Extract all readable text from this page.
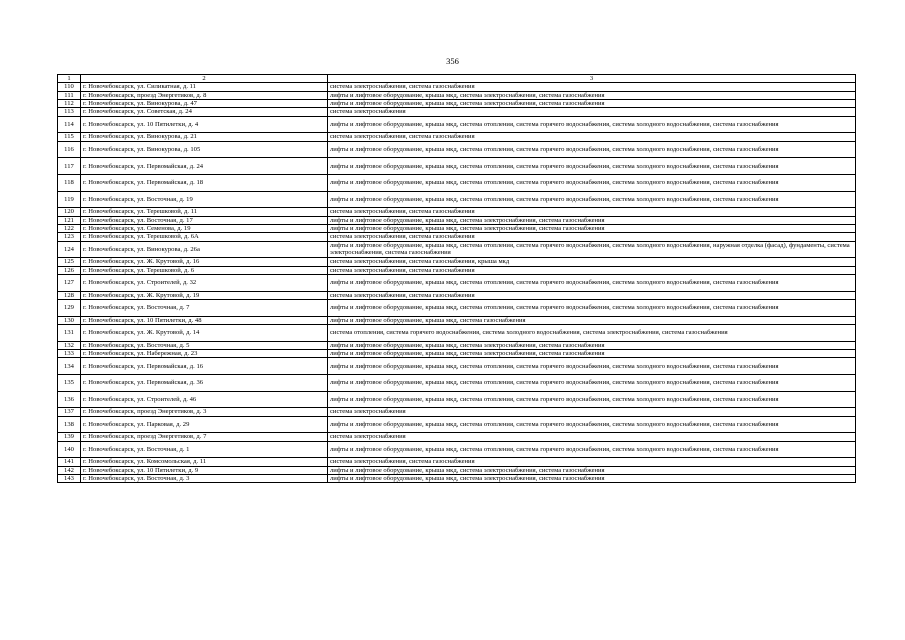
356
1	2	3
110	г. Новочебоксарск, ул. Силикатная, д. 11	система электроснабжения, система газоснабжения
111	г. Новочебоксарск, проезд Энергетиков, д. 8	лифты и лифтовое оборудование, крыша мкд, система электроснабжения, система газоснабжения
112	г. Новочебоксарск, ул. Винокурова, д. 47	лифты и лифтовое оборудование, крыша мкд, система электроснабжения, система газоснабжения
113	г. Новочебоксарск, ул. Советская, д. 24	система электроснабжения
114	г. Новочебоксарск, ул. 10 Пятилетки, д. 4	лифты и лифтовое оборудование, крыша мкд, система отопления, система горячего водоснабжения, система холодного водоснабжения, система газоснабжения
115	г. Новочебоксарск, ул. Винокурова, д. 21	система электроснабжения, система газоснабжения
116	г. Новочебоксарск, ул. Винокурова, д. 105	лифты и лифтовое оборудование, крыша мкд, система отопления, система горячего водоснабжения, система холодного водоснабжения, система газоснабжения
117	г. Новочебоксарск, ул. Первомайская, д. 24	лифты и лифтовое оборудование, крыша мкд, система отопления, система горячего водоснабжения, система холодного водоснабжения, система газоснабжения
118	г. Новочебоксарск, ул. Первомайская, д. 18	лифты и лифтовое оборудование, крыша мкд, система отопления, система горячего водоснабжения, система холодного водоснабжения, система газоснабжения
119	г. Новочебоксарск, ул. Восточная, д. 19	лифты и лифтовое оборудование, крыша мкд, система отопления, система горячего водоснабжения, система холодного водоснабжения, система газоснабжения
120	г. Новочебоксарск, ул. Терешковой, д. 11	система электроснабжения, система газоснабжения
121	г. Новочебоксарск, ул. Восточная, д. 17	лифты и лифтовое оборудование, крыша мкд, система электроснабжения, система газоснабжения
122	г. Новочебоксарск, ул. Семенова, д. 19	лифты и лифтовое оборудование, крыша мкд, система электроснабжения, система газоснабжения
123	г. Новочебоксарск, ул. Терешковой, д. 6А	система электроснабжения, система газоснабжения
124	г. Новочебоксарск, ул. Винокурова, д. 26а	лифты и лифтовое оборудование, крыша мкд, система отопления, система горячего водоснабжения, система холодного водоснабжения, наружная отделка (фасад), фундаменты, система электроснабжения, система газоснабжения
125	г. Новочебоксарск, ул. Ж. Крутовой, д. 16	система электроснабжения, система газоснабжения, крыша мкд
126	г. Новочебоксарск, ул. Терешковой, д. 6	система электроснабжения, система газоснабжения
127	г. Новочебоксарск, ул. Строителей, д. 32	лифты и лифтовое оборудование, крыша мкд, система отопления, система горячего водоснабжения, система холодного водоснабжения, система газоснабжения
128	г. Новочебоксарск, ул. Ж. Крутовой, д. 19	система электроснабжения, система газоснабжения
129	г. Новочебоксарск, ул. Восточная, д. 7	лифты и лифтовое оборудование, крыша мкд, система отопления, система горячего водоснабжения, система холодного водоснабжения, система газоснабжения
130	г. Новочебоксарск, ул. 10 Пятилетки, д. 48	лифты и лифтовое оборудование, крыша мкд, система газоснабжения
131	г. Новочебоксарск, ул. Ж. Крутовой, д. 14	система отопления, система горячего водоснабжения, система холодного водоснабжения, система электроснабжения, система газоснабжения
132	г. Новочебоксарск, ул. Восточная, д. 5	лифты и лифтовое оборудование, крыша мкд, система электроснабжения, система газоснабжения
133	г. Новочебоксарск, ул. Набережная, д. 23	лифты и лифтовое оборудование, крыша мкд, система электроснабжения, система газоснабжения
134	г. Новочебоксарск, ул. Первомайская, д. 16	лифты и лифтовое оборудование, крыша мкд, система отопления, система горячего водоснабжения, система холодного водоснабжения, система газоснабжения
135	г. Новочебоксарск, ул. Первомайская, д. 36	лифты и лифтовое оборудование, крыша мкд, система отопления, система горячего водоснабжения, система холодного водоснабжения, система газоснабжения
136	г. Новочебоксарск, ул. Строителей, д. 46	лифты и лифтовое оборудование, крыша мкд, система отопления, система горячего водоснабжения, система холодного водоснабжения, система газоснабжения
137	г. Новочебоксарск, проезд Энергетиков, д. 3	система электроснабжения
138	г. Новочебоксарск, ул. Парковая, д. 29	лифты и лифтовое оборудование, крыша мкд, система отопления, система горячего водоснабжения, система холодного водоснабжения, система газоснабжения
139	г. Новочебоксарск, проезд Энергетиков, д. 7	система электроснабжения
140	г. Новочебоксарск, ул. Восточная, д. 1	лифты и лифтовое оборудование, крыша мкд, система отопления, система горячего водоснабжения, система холодного водоснабжения, система газоснабжения
141	г. Новочебоксарск, ул. Комсомольская, д. 11	система электроснабжения, система газоснабжения
142	г. Новочебоксарск, ул. 10 Пятилетки, д. 9	лифты и лифтовое оборудование, крыша мкд, система электроснабжения, система газоснабжения
143	г. Новочебоксарск, ул. Восточная, д. 3	лифты и лифтовое оборудование, крыша мкд, система электроснабжения, система газоснабжения
